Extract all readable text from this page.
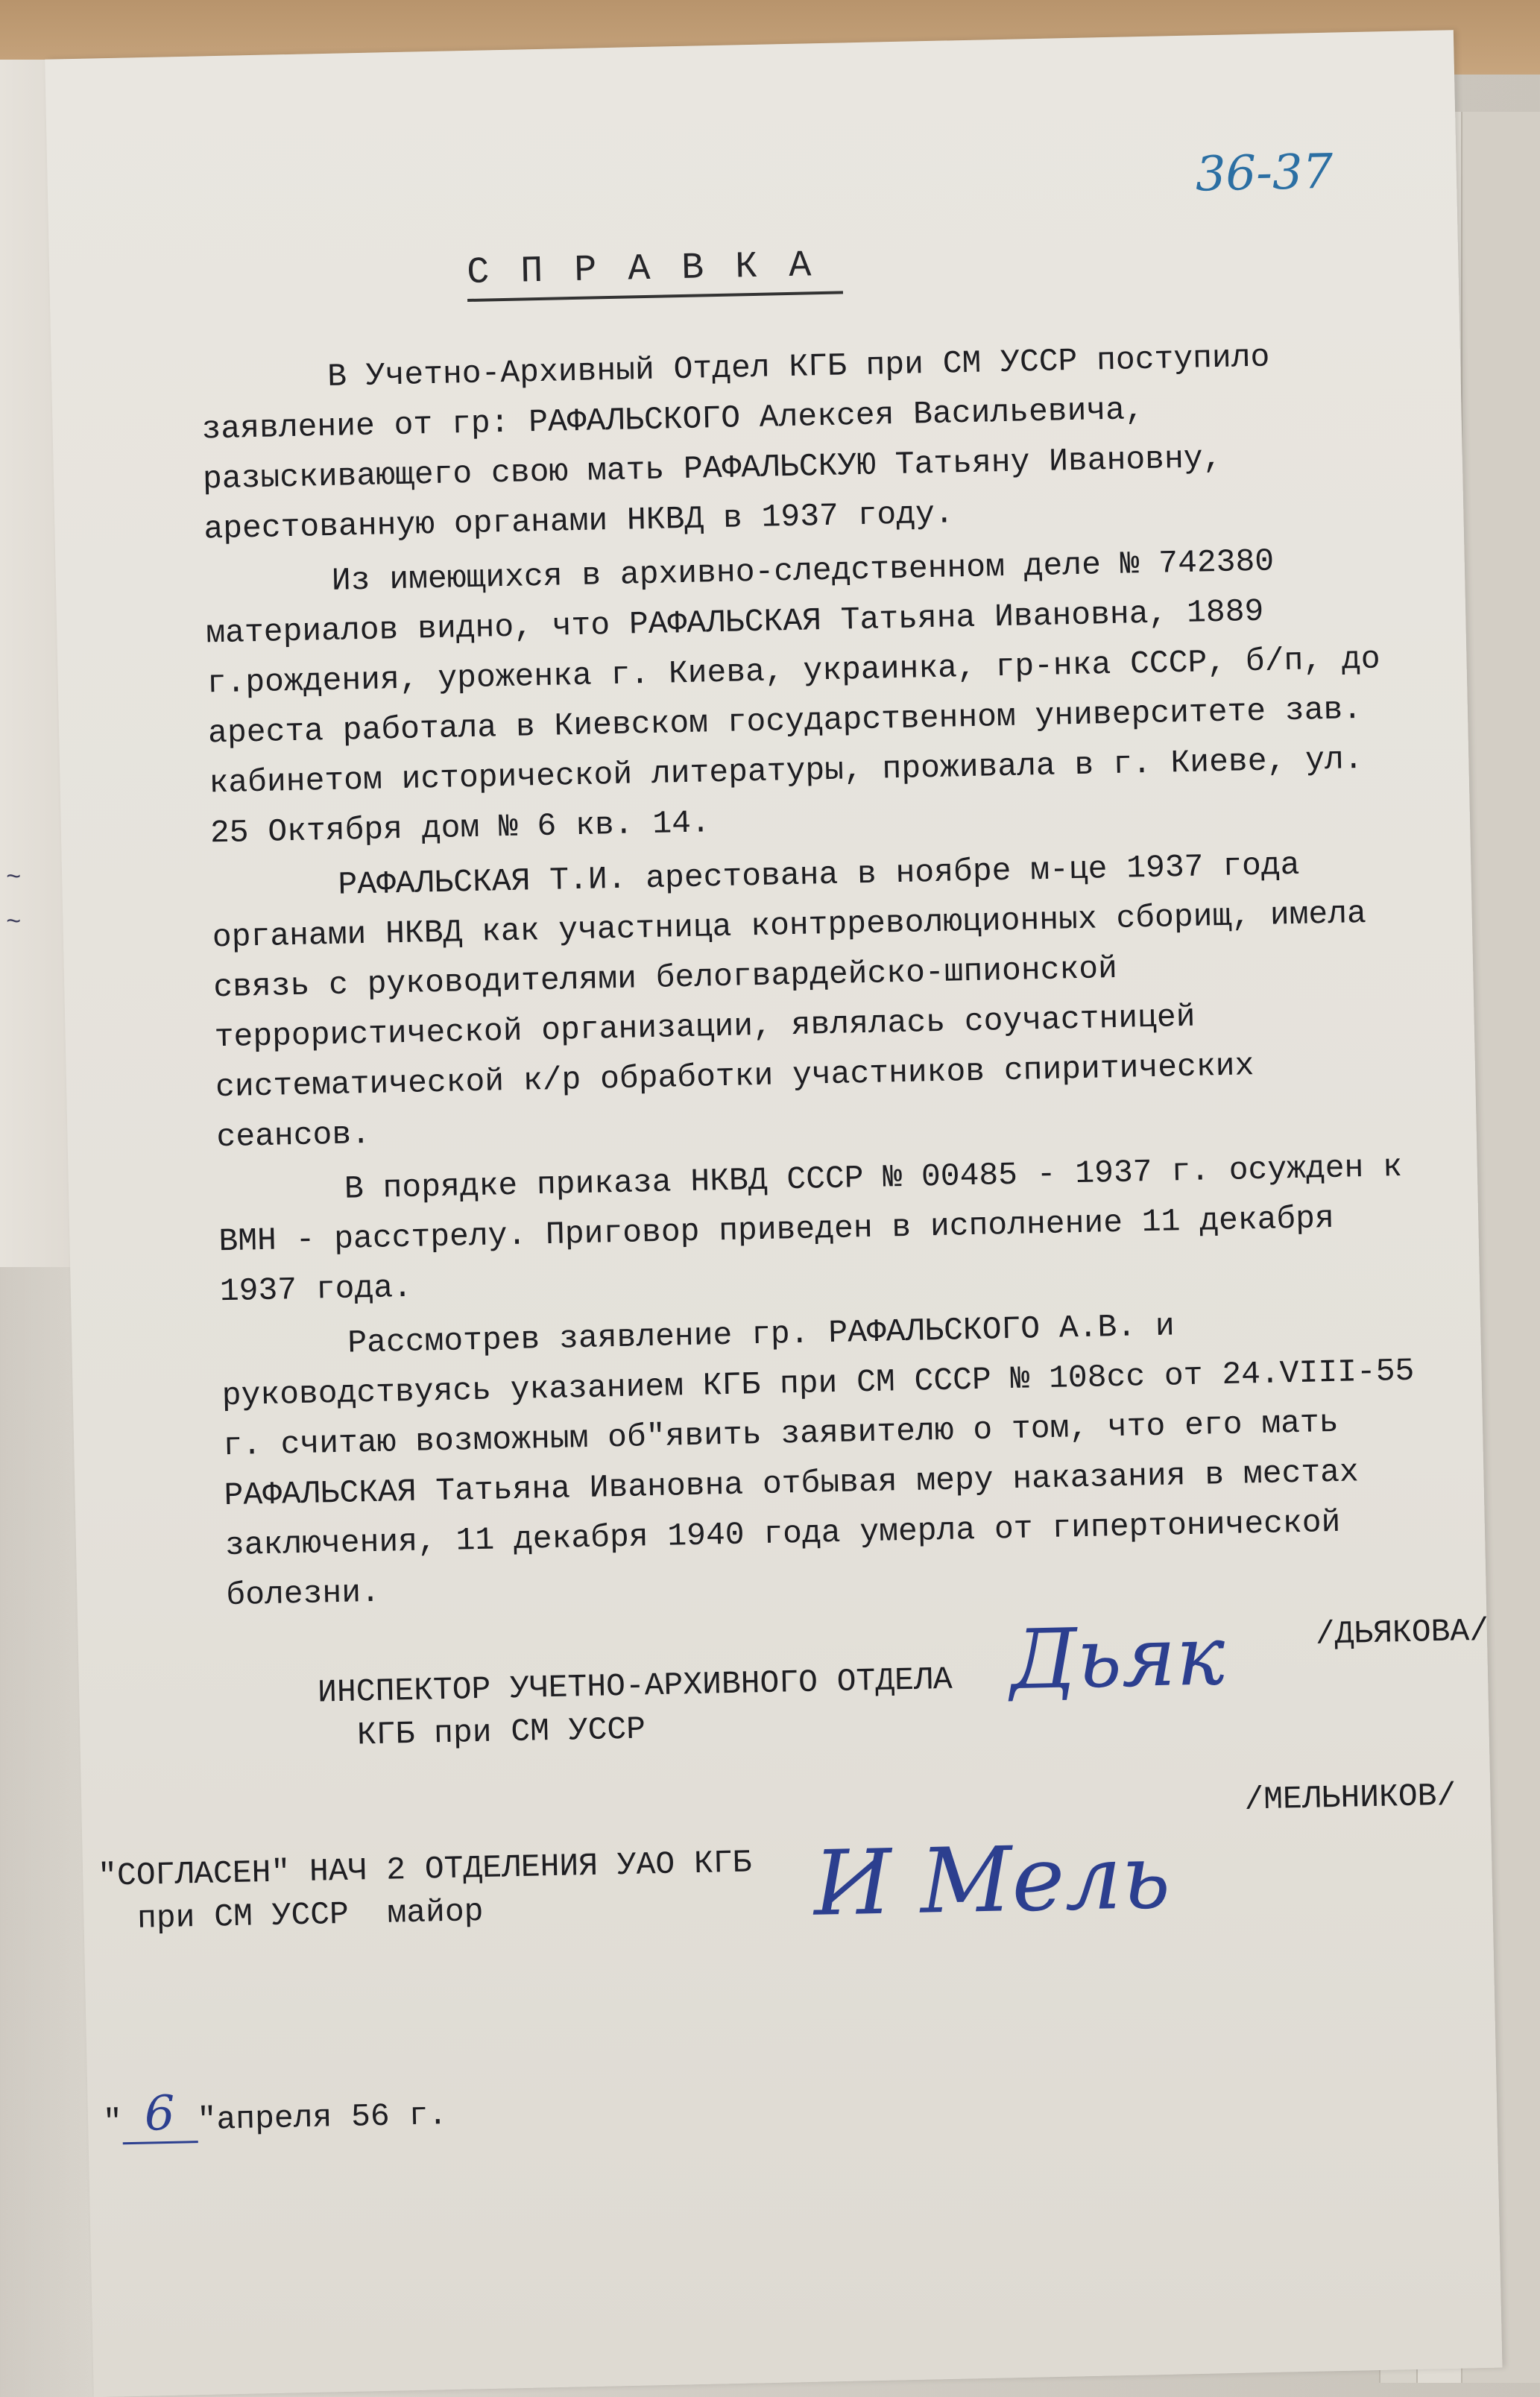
~
~
36-37
СПРАВКА

В Учетно-Архивный Отдел КГБ при СМ УССР поступило заявление от гр: РАФАЛЬСКОГО Алексея Васильевича, разыскивающего свою мать РАФАЛЬСКУЮ Татьяну Ивановну, арестованную органами НКВД в 1937 году.

Из имеющихся в архивно-следственном деле № 742380 материалов видно, что РАФАЛЬСКАЯ Татьяна Ивановна, 1889 г.рождения, уроженка г. Киева, украинка, гр-нка СССР, б/п, до ареста работала в Киевском государственном университете зав. кабинетом исторической литературы, проживала в г. Киеве, ул. 25 Октября дом № 6 кв. 14.

РАФАЛЬСКАЯ Т.И. арестована в ноябре м-це 1937 года органами НКВД как участница контрреволюционных сборищ, имела связь с руководителями белогвардейско-шпионской террористической организации, являлась соучастницей систематической к/р обработки участников спиритических сеансов.

В порядке приказа НКВД СССР № 00485 - 1937 г. осужден к ВМН - расстрелу. Приговор приведен в исполнение 11 декабря 1937 года.

Рассмотрев заявление гр. РАФАЛЬСКОГО А.В. и руководствуясь указанием КГБ при СМ СССР № 108сс от 24.VIII-55 г. считаю возможным об"явить заявителю о том, что его мать РАФАЛЬСКАЯ Татьяна Ивановна отбывая меру наказания в местах заключения, 11 декабря 1940 года умерла от гипертонической болезни.

ИНСПЕКТОР УЧЕТНО-АРХИВНОГО ОТДЕЛА
КГБ при СМ УССР
Дьяк	/ДЬЯКОВА/
"СОГЛАСЕН" НАЧ 2 ОТДЕЛЕНИЯ УАО КГБ
при СМ УССР  майор
/МЕЛЬНИКОВ/
И Мель
" 6 "апреля 56 г.
